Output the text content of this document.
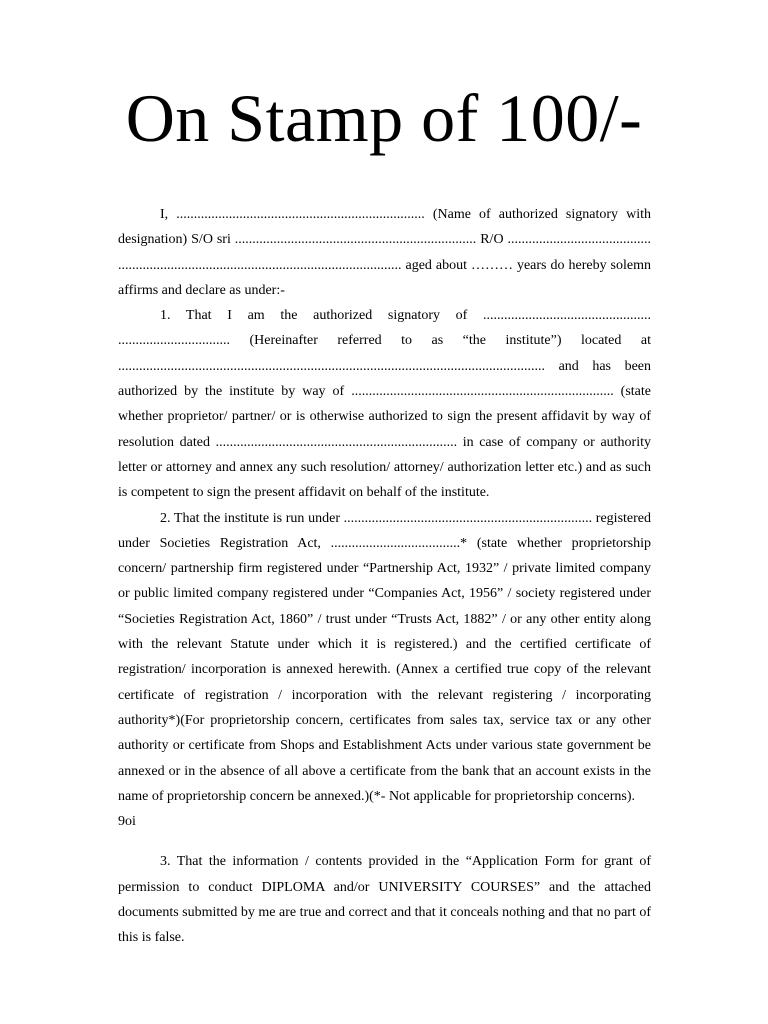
On Stamp of 100/-

I, ....................................................................... (Name of authorized signatory with designation) S/O sri ..................................................................... R/O ......................................... ................................................................................. aged about ……… years do hereby solemn affirms and declare as under:-

1. That I am the authorized signatory of ................................................ ................................ (Hereinafter referred to as “the institute”) located at .......................................................................................................................... and has been authorized by the institute by way of ........................................................................... (state whether proprietor/ partner/ or is otherwise authorized to sign the present affidavit by way of resolution dated ..................................................................... in case of company or authority letter or attorney and annex any such resolution/ attorney/ authorization letter etc.) and as such is competent to sign the present affidavit on behalf of the institute.

2. That the institute is run under ....................................................................... registered under Societies Registration Act, .....................................* (state whether proprietorship concern/ partnership firm registered under “Partnership Act, 1932” / private limited company or public limited company registered under “Companies Act, 1956” / society registered under “Societies Registration Act, 1860” / trust under “Trusts Act, 1882” / or any other entity along with the relevant Statute under which it is registered.) and the certified certificate of registration/ incorporation is annexed herewith. (Annex a certified true copy of the relevant certificate of registration / incorporation with the relevant registering / incorporating authority*)(For proprietorship concern, certificates from sales tax, service tax or any other authority or certificate from Shops and Establishment Acts under various state government be annexed or in the absence of all above a certificate from the bank that an account exists in the name of proprietorship concern be annexed.)(*- Not applicable for proprietorship concerns).

9oi

3. That the information / contents provided in the “Application Form for grant of permission to conduct DIPLOMA and/or UNIVERSITY COURSES” and the attached documents submitted by me are true and correct and that it conceals nothing and that no part of this is false.
